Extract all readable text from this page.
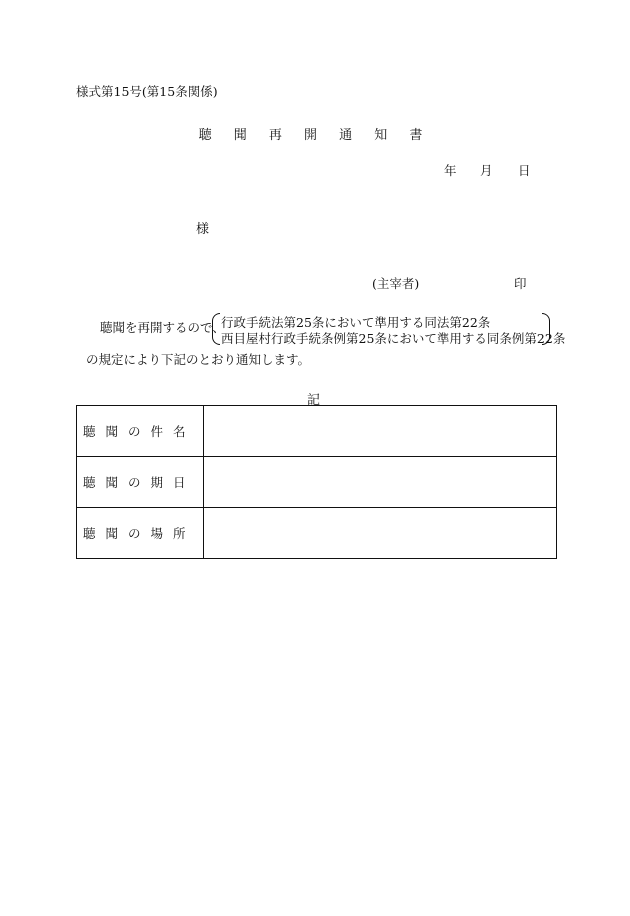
様式第15号(第15条関係)
聴 聞 再 開 通 知 書
年 月 日
様
(主宰者)	印
聴聞を再開するので、
行政手続法第25条において準用する同法第22条
西目屋村行政手続条例第25条において準用する同条例第22条
の規定により下記のとおり通知します。
記
聴聞の件名	
聴聞の期日	
聴聞の場所	
